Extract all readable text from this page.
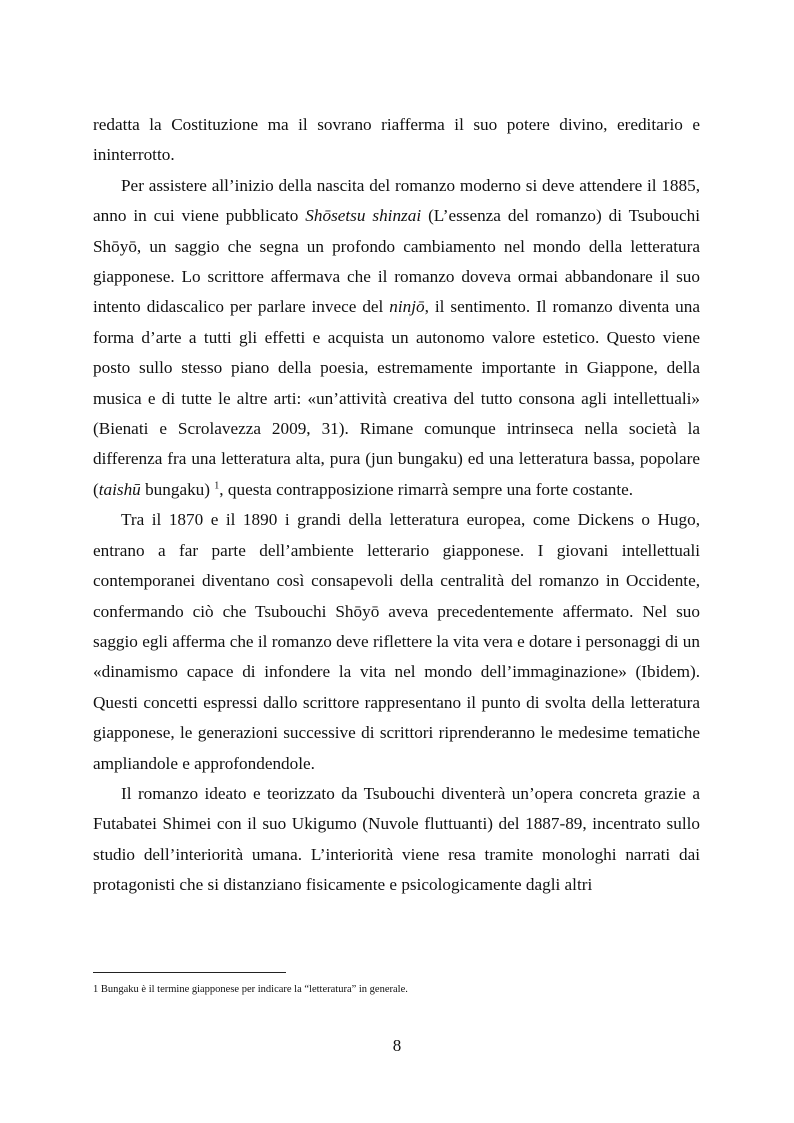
redatta la Costituzione ma il sovrano riafferma il suo potere divino, ereditario e ininterrotto.

Per assistere all’inizio della nascita del romanzo moderno si deve attendere il 1885, anno in cui viene pubblicato Shōsetsu shinzai (L’essenza del romanzo) di Tsubouchi Shōyō, un saggio che segna un profondo cambiamento nel mondo della letteratura giapponese. Lo scrittore affermava che il romanzo doveva ormai abbandonare il suo intento didascalico per parlare invece del ninjō, il sentimento. Il romanzo diventa una forma d’arte a tutti gli effetti e acquista un autonomo valore estetico. Questo viene posto sullo stesso piano della poesia, estremamente importante in Giappone, della musica e di tutte le altre arti: «un’attività creativa del tutto consona agli intellettuali» (Bienati e Scrolavezza 2009, 31). Rimane comunque intrinseca nella società la differenza fra una letteratura alta, pura (jun bungaku) ed una letteratura bassa, popolare (taishū bungaku) $^1$, questa contrapposizione rimarrà sempre una forte costante.

Tra il 1870 e il 1890 i grandi della letteratura europea, come Dickens o Hugo, entrano a far parte dell’ambiente letterario giapponese. I giovani intellettuali contemporanei diventano così consapevoli della centralità del romanzo in Occidente, confermando ciò che Tsubouchi Shōyō aveva precedentemente affermato. Nel suo saggio egli afferma che il romanzo deve riflettere la vita vera e dotare i personaggi di un «dinamismo capace di infondere la vita nel mondo dell’immaginazione» (Ibidem). Questi concetti espressi dallo scrittore rappresentano il punto di svolta della letteratura giapponese, le generazioni successive di scrittori riprenderanno le medesime tematiche ampliandole e approfondendole.

Il romanzo ideato e teorizzato da Tsubouchi diventerà un’opera concreta grazie a Futabatei Shimei con il suo Ukigumo (Nuvole fluttuanti) del 1887-89, incentrato sullo studio dell’interiorità umana. L’interiorità viene resa tramite monologhi narrati dai protagonisti che si distanziano fisicamente e psicologicamente dagli altri

1 Bungaku è il termine giapponese per indicare la “letteratura” in generale.
8
